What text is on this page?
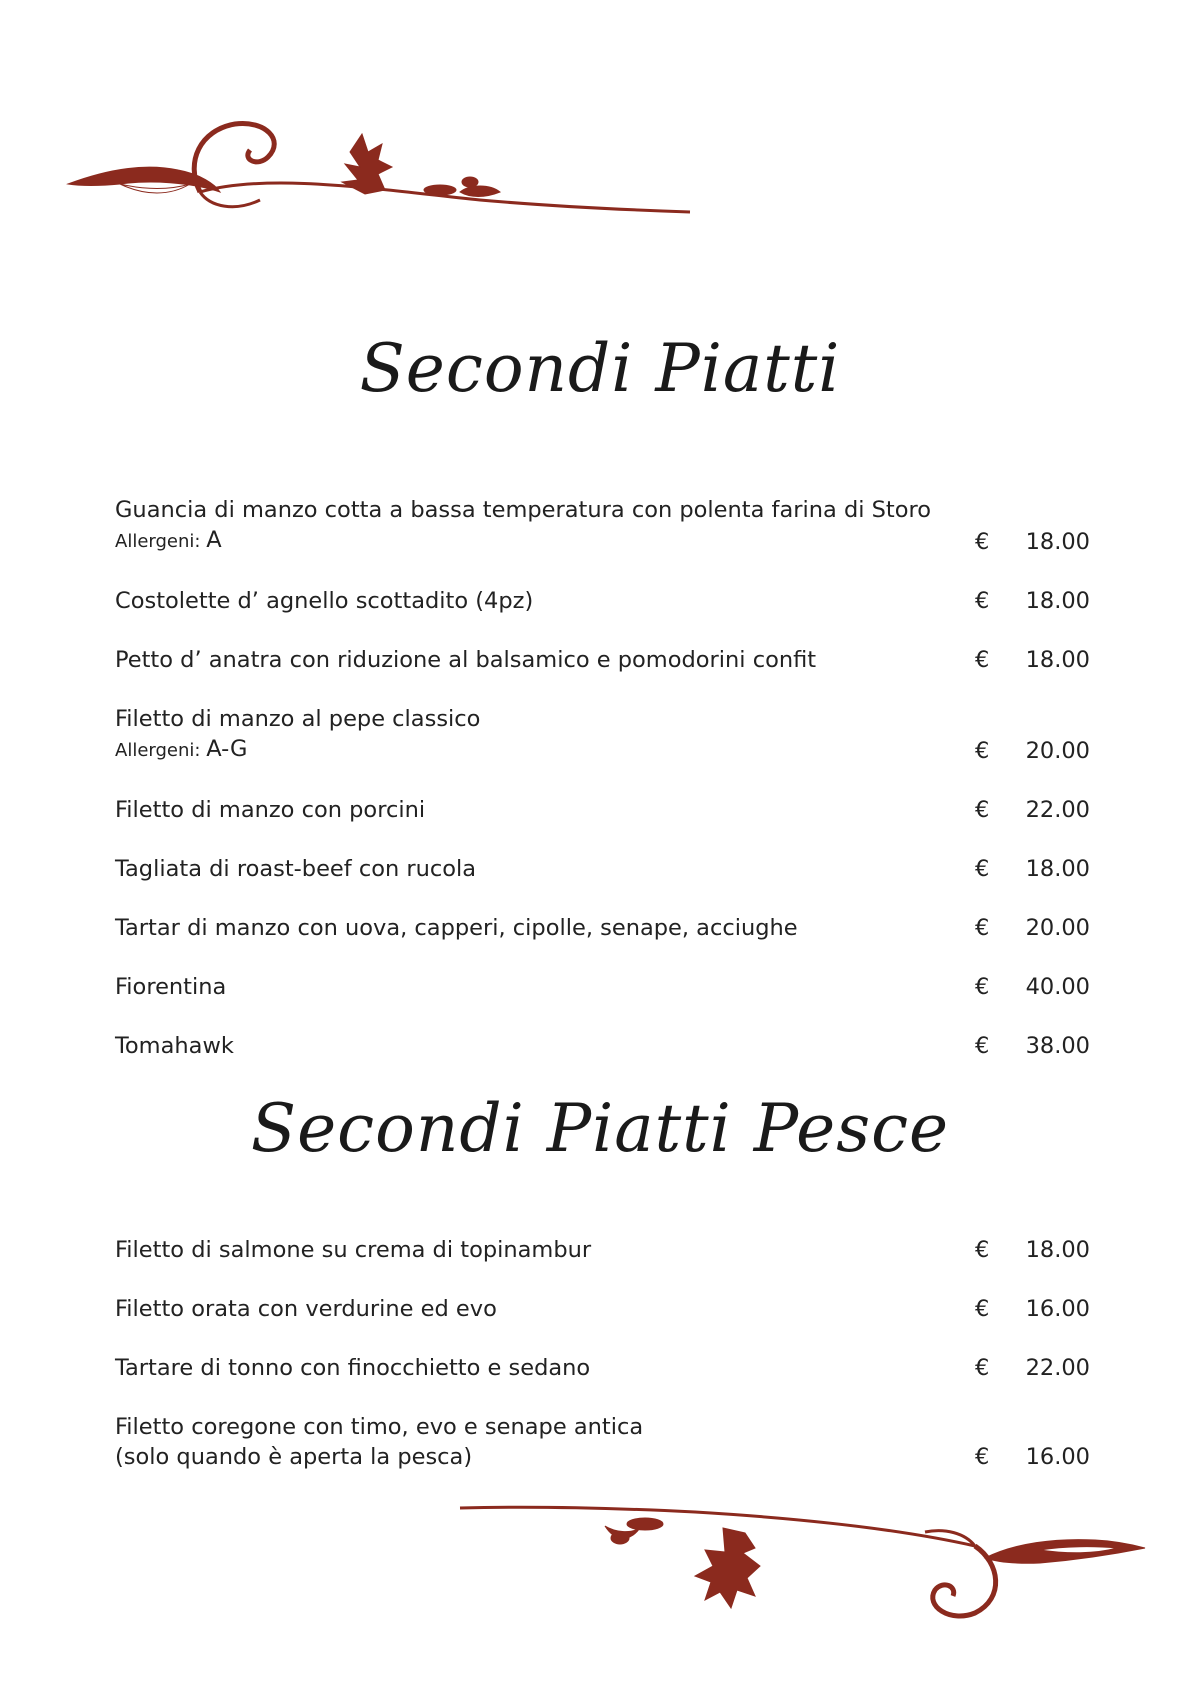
Secondi Piatti
Guancia di manzo cotta a bassa temperatura con polenta farina di Storo
Allergeni: A	€ 18.00
Costolette d’ agnello scottadito (4pz)	€ 18.00
Petto d’ anatra con riduzione al balsamico e pomodorini confit	€ 18.00
Filetto di manzo al pepe classico
Allergeni: A-G	€ 20.00
Filetto di manzo con porcini	€ 22.00
Tagliata di roast-beef con rucola	€ 18.00
Tartar di manzo con uova, capperi, cipolle, senape, acciughe	€ 20.00
Fiorentina	€ 40.00
Tomahawk	€ 38.00
Secondi Piatti Pesce
Filetto di salmone su crema di topinambur	€ 18.00
Filetto orata con verdurine ed evo	€ 16.00
Tartare di tonno con finocchietto e sedano	€ 22.00
Filetto coregone con timo, evo e senape antica
(solo quando è aperta la pesca)	€ 16.00
